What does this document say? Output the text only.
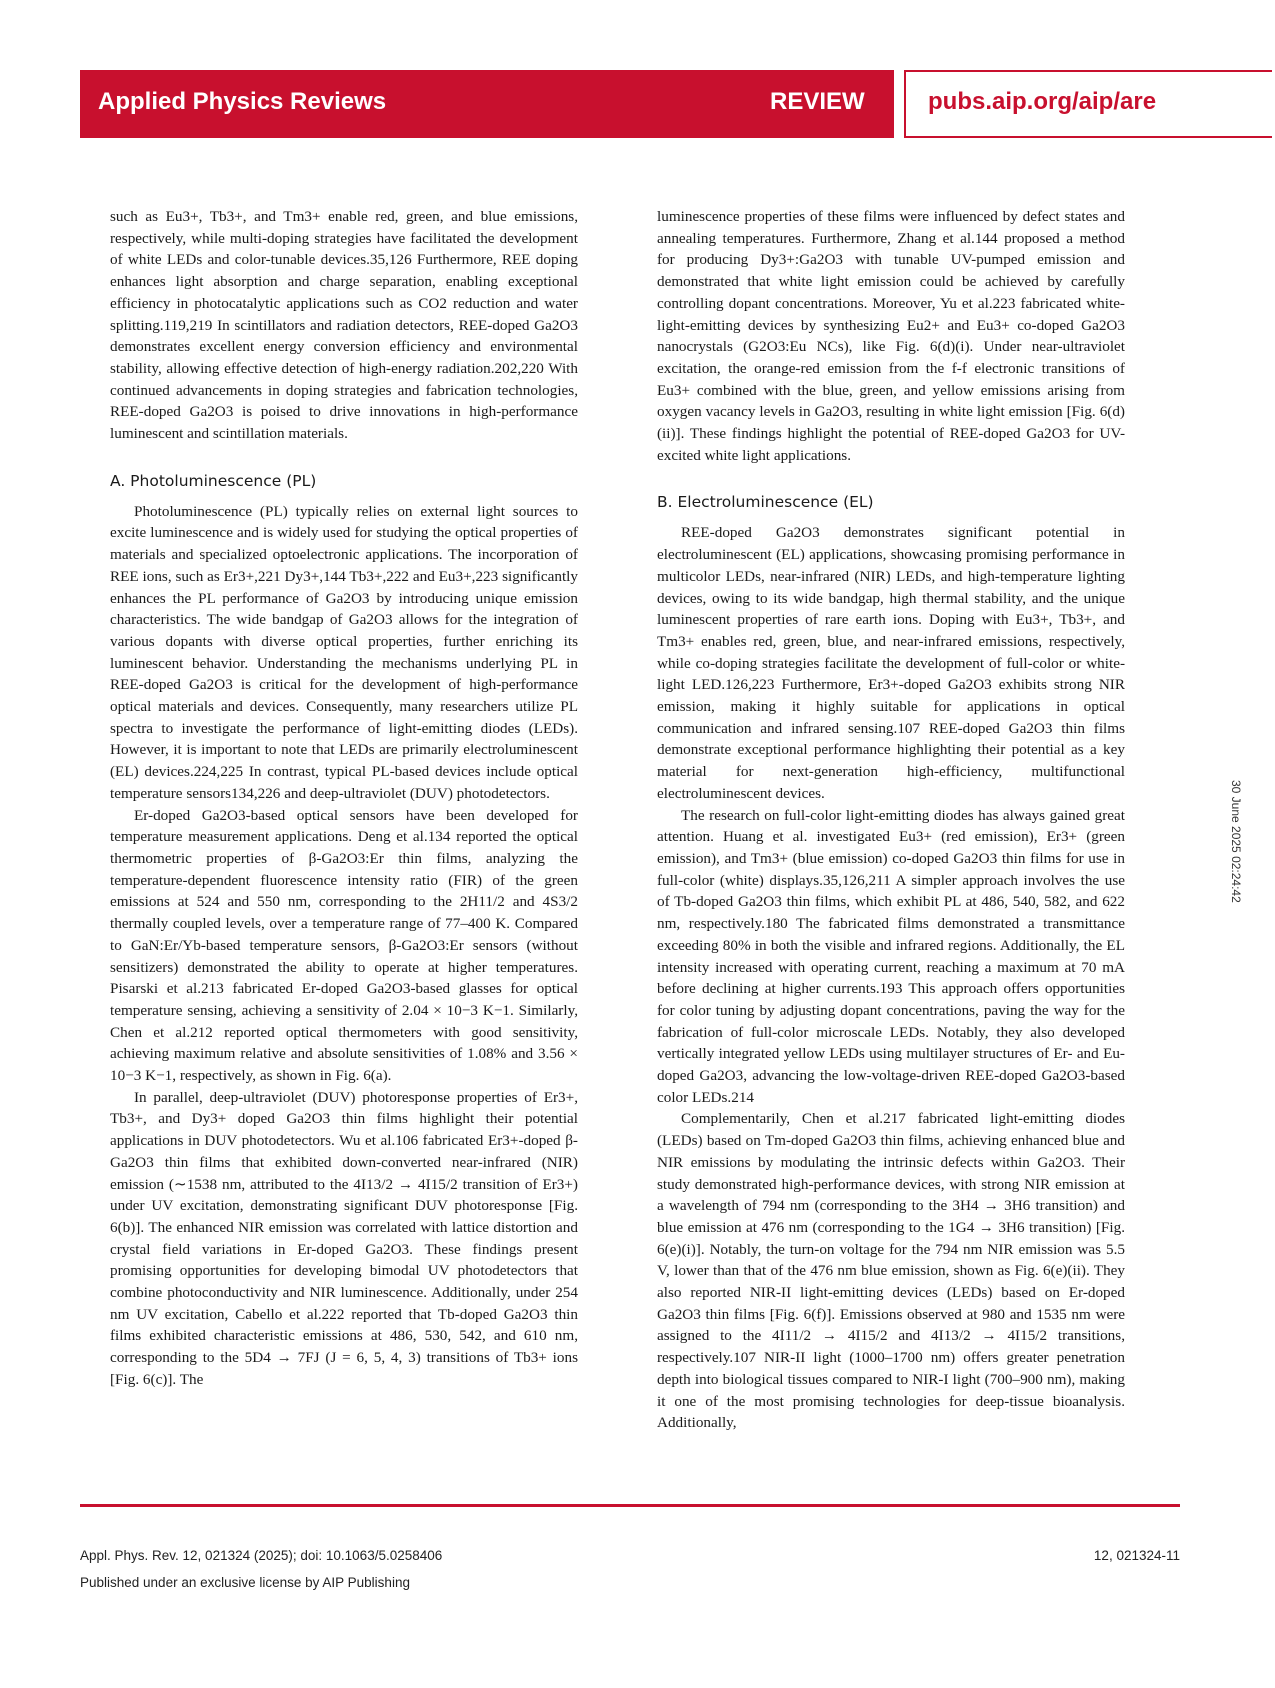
Applied Physics Reviews	REVIEW	pubs.aip.org/aip/are

such as Eu3+, Tb3+, and Tm3+ enable red, green, and blue emissions, respectively, while multi-doping strategies have facilitated the development of white LEDs and color-tunable devices.35,126 Furthermore, REE doping enhances light absorption and charge separation, enabling exceptional efficiency in photocatalytic applications such as CO2 reduction and water splitting.119,219 In scintillators and radiation detectors, REE-doped Ga2O3 demonstrates excellent energy conversion efficiency and environmental stability, allowing effective detection of high-energy radiation.202,220 With continued advancements in doping strategies and fabrication technologies, REE-doped Ga2O3 is poised to drive innovations in high-performance luminescent and scintillation materials.

A. Photoluminescence (PL)

Photoluminescence (PL) typically relies on external light sources to excite luminescence and is widely used for studying the optical properties of materials and specialized optoelectronic applications. The incorporation of REE ions, such as Er3+,221 Dy3+,144 Tb3+,222 and Eu3+,223 significantly enhances the PL performance of Ga2O3 by introducing unique emission characteristics. The wide bandgap of Ga2O3 allows for the integration of various dopants with diverse optical properties, further enriching its luminescent behavior. Understanding the mechanisms underlying PL in REE-doped Ga2O3 is critical for the development of high-performance optical materials and devices. Consequently, many researchers utilize PL spectra to investigate the performance of light-emitting diodes (LEDs). However, it is important to note that LEDs are primarily electroluminescent (EL) devices.224,225 In contrast, typical PL-based devices include optical temperature sensors134,226 and deep-ultraviolet (DUV) photodetectors.

Er-doped Ga2O3-based optical sensors have been developed for temperature measurement applications. Deng et al.134 reported the optical thermometric properties of β-Ga2O3:Er thin films, analyzing the temperature-dependent fluorescence intensity ratio (FIR) of the green emissions at 524 and 550 nm, corresponding to the 2H11/2 and 4S3/2 thermally coupled levels, over a temperature range of 77–400 K. Compared to GaN:Er/Yb-based temperature sensors, β-Ga2O3:Er sensors (without sensitizers) demonstrated the ability to operate at higher temperatures. Pisarski et al.213 fabricated Er-doped Ga2O3-based glasses for optical temperature sensing, achieving a sensitivity of 2.04 × 10−3 K−1. Similarly, Chen et al.212 reported optical thermometers with good sensitivity, achieving maximum relative and absolute sensitivities of 1.08% and 3.56 × 10−3 K−1, respectively, as shown in Fig. 6(a).

In parallel, deep-ultraviolet (DUV) photoresponse properties of Er3+, Tb3+, and Dy3+ doped Ga2O3 thin films highlight their potential applications in DUV photodetectors. Wu et al.106 fabricated Er3+-doped β-Ga2O3 thin films that exhibited down-converted near-infrared (NIR) emission (∼1538 nm, attributed to the 4I13/2 → 4I15/2 transition of Er3+) under UV excitation, demonstrating significant DUV photoresponse [Fig. 6(b)]. The enhanced NIR emission was correlated with lattice distortion and crystal field variations in Er-doped Ga2O3. These findings present promising opportunities for developing bimodal UV photodetectors that combine photoconductivity and NIR luminescence. Additionally, under 254 nm UV excitation, Cabello et al.222 reported that Tb-doped Ga2O3 thin films exhibited characteristic emissions at 486, 530, 542, and 610 nm, corresponding to the 5D4 → 7FJ (J = 6, 5, 4, 3) transitions of Tb3+ ions [Fig. 6(c)]. The

luminescence properties of these films were influenced by defect states and annealing temperatures. Furthermore, Zhang et al.144 proposed a method for producing Dy3+:Ga2O3 with tunable UV-pumped emission and demonstrated that white light emission could be achieved by carefully controlling dopant concentrations. Moreover, Yu et al.223 fabricated white-light-emitting devices by synthesizing Eu2+ and Eu3+ co-doped Ga2O3 nanocrystals (G2O3:Eu NCs), like Fig. 6(d)(i). Under near-ultraviolet excitation, the orange-red emission from the f-f electronic transitions of Eu3+ combined with the blue, green, and yellow emissions arising from oxygen vacancy levels in Ga2O3, resulting in white light emission [Fig. 6(d)(ii)]. These findings highlight the potential of REE-doped Ga2O3 for UV-excited white light applications.

B. Electroluminescence (EL)

REE-doped Ga2O3 demonstrates significant potential in electroluminescent (EL) applications, showcasing promising performance in multicolor LEDs, near-infrared (NIR) LEDs, and high-temperature lighting devices, owing to its wide bandgap, high thermal stability, and the unique luminescent properties of rare earth ions. Doping with Eu3+, Tb3+, and Tm3+ enables red, green, blue, and near-infrared emissions, respectively, while co-doping strategies facilitate the development of full-color or white-light LED.126,223 Furthermore, Er3+-doped Ga2O3 exhibits strong NIR emission, making it highly suitable for applications in optical communication and infrared sensing.107 REE-doped Ga2O3 thin films demonstrate exceptional performance highlighting their potential as a key material for next-generation high-efficiency, multifunctional electroluminescent devices.

The research on full-color light-emitting diodes has always gained great attention. Huang et al. investigated Eu3+ (red emission), Er3+ (green emission), and Tm3+ (blue emission) co-doped Ga2O3 thin films for use in full-color (white) displays.35,126,211 A simpler approach involves the use of Tb-doped Ga2O3 thin films, which exhibit PL at 486, 540, 582, and 622 nm, respectively.180 The fabricated films demonstrated a transmittance exceeding 80% in both the visible and infrared regions. Additionally, the EL intensity increased with operating current, reaching a maximum at 70 mA before declining at higher currents.193 This approach offers opportunities for color tuning by adjusting dopant concentrations, paving the way for the fabrication of full-color microscale LEDs. Notably, they also developed vertically integrated yellow LEDs using multilayer structures of Er- and Eu-doped Ga2O3, advancing the low-voltage-driven REE-doped Ga2O3-based color LEDs.214

Complementarily, Chen et al.217 fabricated light-emitting diodes (LEDs) based on Tm-doped Ga2O3 thin films, achieving enhanced blue and NIR emissions by modulating the intrinsic defects within Ga2O3. Their study demonstrated high-performance devices, with strong NIR emission at a wavelength of 794 nm (corresponding to the 3H4 → 3H6 transition) and blue emission at 476 nm (corresponding to the 1G4 → 3H6 transition) [Fig. 6(e)(i)]. Notably, the turn-on voltage for the 794 nm NIR emission was 5.5 V, lower than that of the 476 nm blue emission, shown as Fig. 6(e)(ii). They also reported NIR-II light-emitting devices (LEDs) based on Er-doped Ga2O3 thin films [Fig. 6(f)]. Emissions observed at 980 and 1535 nm were assigned to the 4I11/2 → 4I15/2 and 4I13/2 → 4I15/2 transitions, respectively.107 NIR-II light (1000–1700 nm) offers greater penetration depth into biological tissues compared to NIR-I light (700–900 nm), making it one of the most promising technologies for deep-tissue bioanalysis. Additionally,

30 June 2025 02:24:42
Appl. Phys. Rev. 12, 021324 (2025); doi: 10.1063/5.0258406
Published under an exclusive license by AIP Publishing
12, 021324-11
